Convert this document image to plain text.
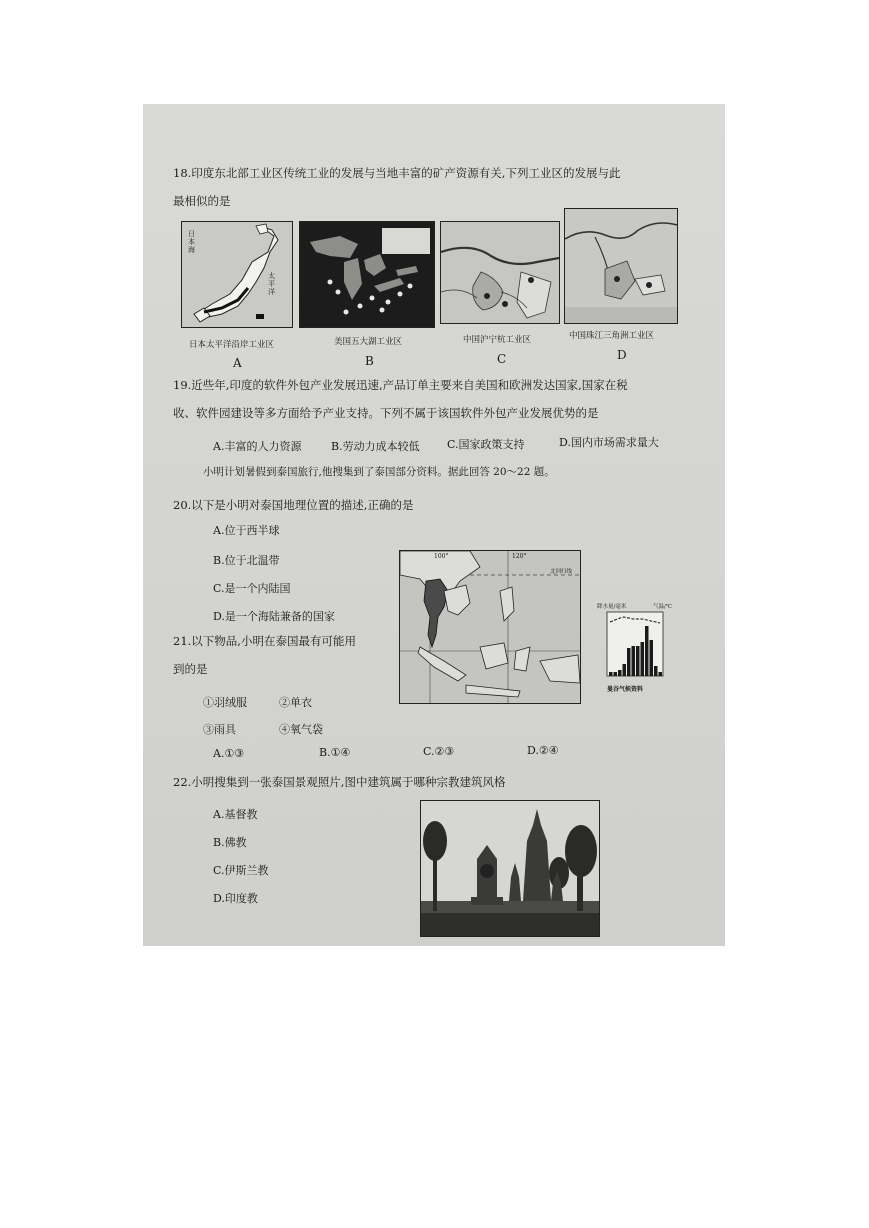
18.印度东北部工业区传统工业的发展与当地丰富的矿产资源有关,下列工业区的发展与此
最相似的是
日本海
太平洋
日本太平洋沿岸工业区	美国五大湖工业区	中国沪宁杭工业区	中国珠江三角洲工业区
A	B	C	D
19.近些年,印度的软件外包产业发展迅速,产品订单主要来自美国和欧洲发达国家,国家在税
收、软件园建设等多方面给予产业支持。下列不属于该国软件外包产业发展优势的是
A.丰富的人力资源	B.劳动力成本较低 C.国家政策支持	D.国内市场需求量大
小明计划暑假到泰国旅行,他搜集到了泰国部分资料。据此回答 20～22 题。
20.以下是小明对泰国地理位置的描述,正确的是
A.位于西半球
B.位于北温带
C.是一个内陆国
D.是一个海陆兼备的国家
100°	120°
北回归线
降水量/毫米	气温/℃
曼谷气候资料
21.以下物品,小明在泰国最有可能用
到的是
①羽绒服	②单衣
③雨具	④氧气袋
A.①③	B.①④	C.②③	D.②④
22.小明搜集到一张泰国景观照片,图中建筑属于哪种宗教建筑风格
A.基督教
B.佛教
C.伊斯兰教
D.印度教
